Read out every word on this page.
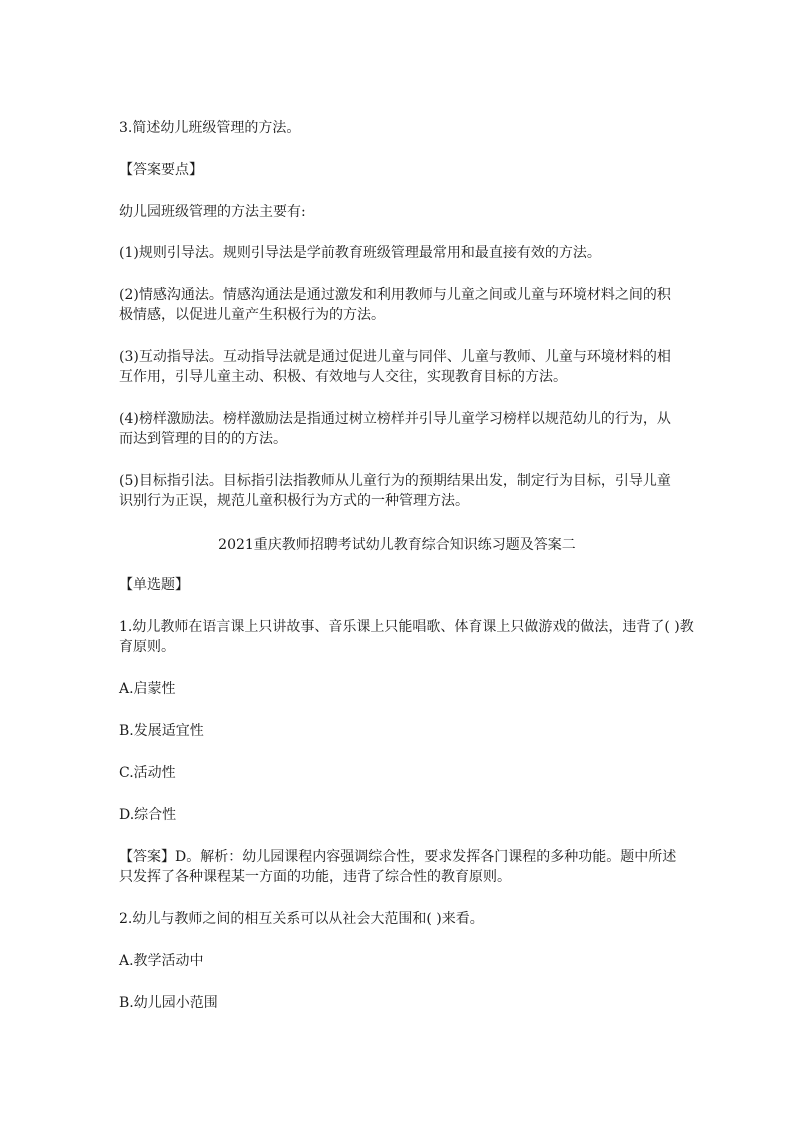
3.简述幼儿班级管理的方法。
【答案要点】
幼儿园班级管理的方法主要有:
(1)规则引导法。规则引导法是学前教育班级管理最常用和最直接有效的方法。
(2)情感沟通法。情感沟通法是通过激发和利用教师与儿童之间或儿童与环境材料之间的积
极情感，以促进儿童产生积极行为的方法。
(3)互动指导法。互动指导法就是通过促进儿童与同伴、儿童与教师、儿童与环境材料的相
互作用，引导儿童主动、积极、有效地与人交往，实现教育目标的方法。
(4)榜样激励法。榜样激励法是指通过树立榜样并引导儿童学习榜样以规范幼儿的行为，从
而达到管理的目的的方法。
(5)目标指引法。目标指引法指教师从儿童行为的预期结果出发，制定行为目标，引导儿童
识别行为正误，规范儿童积极行为方式的一种管理方法。
2021重庆教师招聘考试幼儿教育综合知识练习题及答案二
【单选题】
1.幼儿教师在语言课上只讲故事、音乐课上只能唱歌、体育课上只做游戏的做法，违背了( )教
育原则。
A.启蒙性
B.发展适宜性
C.活动性
D.综合性
【答案】D。解析：幼儿园课程内容强调综合性，要求发挥各门课程的多种功能。题中所述
只发挥了各种课程某一方面的功能，违背了综合性的教育原则。
2.幼儿与教师之间的相互关系可以从社会大范围和( )来看。
A.教学活动中
B.幼儿园小范围
